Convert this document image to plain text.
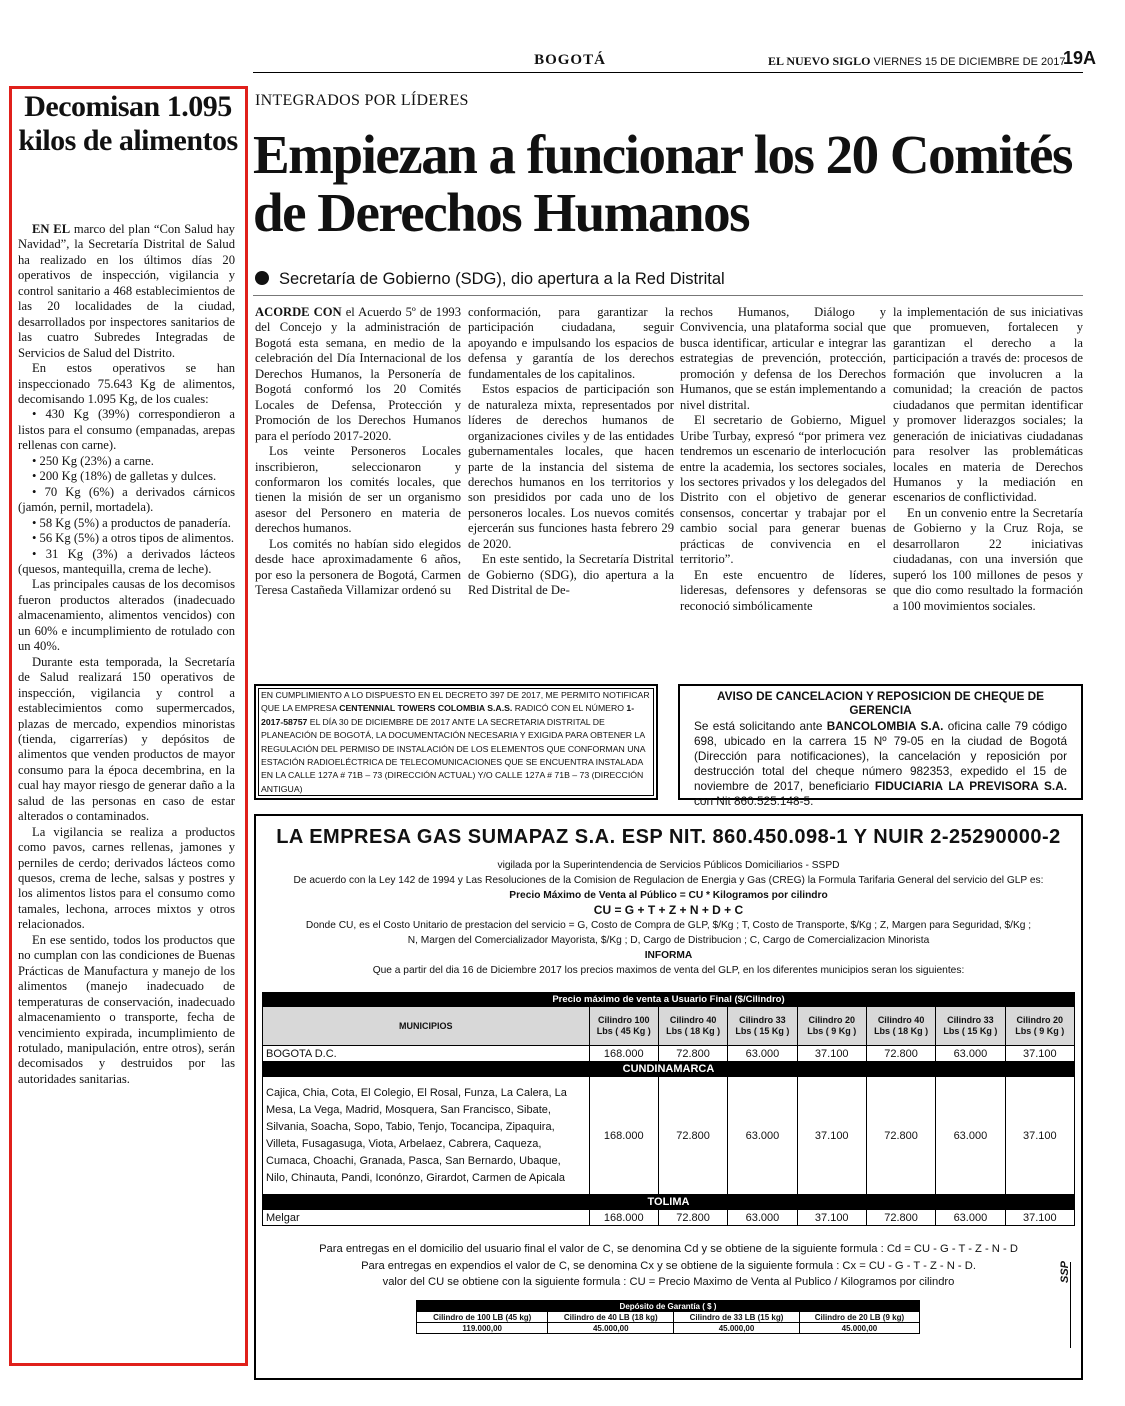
BOGOTÁ	EL NUEVO SIGLO VIERNES 15 DE DICIEMBRE DE 2017
19A
Decomisan 1.095 kilos de alimentos

EN EL marco del plan “Con Salud hay Navidad”, la Secretaría Distrital de Salud ha realizado en los últimos días 20 operativos de inspección, vigilancia y control sanitario a 468 establecimientos de las 20 localidades de la ciudad, desarrollados por inspectores sanitarios de las cuatro Subredes Integradas de Servicios de Salud del Distrito.

En estos operativos se han inspeccionado 75.643 Kg de alimentos, decomisando 1.095 Kg, de los cuales:

• 430 Kg (39%) correspondieron a listos para el consumo (empanadas, arepas rellenas con carne).

• 250 Kg (23%) a carne.

• 200 Kg (18%) de galletas y dulces.

• 70 Kg (6%) a derivados cárnicos (jamón, pernil, mortadela).

• 58 Kg (5%) a productos de panadería.

• 56 Kg (5%) a otros tipos de alimentos.

• 31 Kg (3%) a derivados lácteos (quesos, mantequilla, crema de leche).

Las principales causas de los decomisos fueron productos alterados (inadecuado almacenamiento, alimentos vencidos) con un 60% e incumplimiento de rotulado con un 40%.

Durante esta temporada, la Secretaría de Salud realizará 150 operativos de inspección, vigilancia y control a establecimientos como supermercados, plazas de mercado, expendios minoristas (tienda, cigarrerías) y depósitos de alimentos que venden productos de mayor consumo para la época decembrina, en la cual hay mayor riesgo de generar daño a la salud de las personas en caso de estar alterados o contaminados.

La vigilancia se realiza a productos como pavos, carnes rellenas, jamones y perniles de cerdo; derivados lácteos como quesos, crema de leche, salsas y postres y los alimentos listos para el consumo como tamales, lechona, arroces mixtos y otros relacionados.

En ese sentido, todos los productos que no cumplan con las condiciones de Buenas Prácticas de Manufactura y manejo de los alimentos (manejo inadecuado de temperaturas de conservación, inadecuado almacenamiento o transporte, fecha de vencimiento expirada, incumplimiento de rotulado, manipulación, entre otros), serán decomisados y destruidos por las autoridades sanitarias.

INTEGRADOS POR LÍDERES
Empiezan a funcionar los 20 Comités de Derechos Humanos
Secretaría de Gobierno (SDG), dio apertura a la Red Distrital

ACORDE CON el Acuerdo 5º de 1993 del Concejo y la administración de Bogotá esta semana, en medio de la celebración del Día Internacional de los Derechos Humanos, la Personería de Bogotá conformó los 20 Comités Locales de Defensa, Protección y Promoción de los Derechos Humanos para el período 2017-2020.

Los veinte Personeros Locales inscribieron, seleccionaron y conformaron los comités locales, que tienen la misión de ser un organismo asesor del Personero en materia de derechos humanos.

Los comités no habían sido elegidos desde hace aproximadamente 6 años, por eso la personera de Bogotá, Carmen Teresa Castañeda Villamizar ordenó su

conformación, para garantizar la participación ciudadana, seguir apoyando e impulsando los espacios de defensa y garantía de los derechos fundamentales de los capitalinos.

Estos espacios de participación son de naturaleza mixta, representados por líderes de derechos humanos de organizaciones civiles y de las entidades gubernamentales locales, que hacen parte de la instancia del sistema de derechos humanos en los territorios y son presididos por cada uno de los personeros locales. Los nuevos comités ejercerán sus funciones hasta febrero 29 de 2020.

En este sentido, la Secretaría Distrital de Gobierno (SDG), dio apertura a la Red Distrital de De-

rechos Humanos, Diálogo y Convivencia, una plataforma social que busca identificar, articular e integrar las estrategias de prevención, protección, promoción y defensa de los Derechos Humanos, que se están implementando a nivel distrital.

El secretario de Gobierno, Miguel Uribe Turbay, expresó “por primera vez tendremos un escenario de interlocución entre la academia, los sectores sociales, los sectores privados y los delegados del Distrito con el objetivo de generar consensos, concertar y trabajar por el cambio social para generar buenas prácticas de convivencia en el territorio”.

En este encuentro de líderes, lideresas, defensores y defensoras se reconoció simbólicamente

la implementación de sus iniciativas que promueven, fortalecen y garantizan el derecho a la participación a través de: procesos de formación que involucren a la comunidad; la creación de pactos ciudadanos que permitan identificar y promover liderazgos sociales; la generación de iniciativas ciudadanas para resolver las problemáticas locales en materia de Derechos Humanos y la mediación en escenarios de conflictividad.

En un convenio entre la Secretaría de Gobierno y la Cruz Roja, se desarrollaron 22 iniciativas ciudadanas, con una inversión que superó los 100 millones de pesos y que dio como resultado la formación a 100 movimientos sociales.

EN CUMPLIMIENTO A LO DISPUESTO EN EL DECRETO 397 DE 2017, ME PERMITO NOTIFICAR QUE LA EMPRESA CENTENNIAL TOWERS COLOMBIA S.A.S. RADICÓ CON EL NÚMERO 1-2017-58757 EL DÍA 30 DE DICIEMBRE DE 2017 ANTE LA SECRETARIA DISTRITAL DE PLANEACIÓN DE BOGOTÁ, LA DOCUMENTACIÓN NECESARIA Y EXIGIDA PARA OBTENER LA REGULACIÓN DEL PERMISO DE INSTALACIÓN DE LOS ELEMENTOS QUE CONFORMAN UNA ESTACIÓN RADIOELÉCTRICA DE TELECOMUNICACIONES QUE SE ENCUENTRA INSTALADA EN LA CALLE 127A # 71B – 73 (DIRECCIÓN ACTUAL) Y/O CALLE 127A # 71B – 73 (DIRECCIÓN ANTIGUA)
AVISO DE CANCELACION Y REPOSICION DE CHEQUE DE GERENCIA
Se está solicitando ante BANCOLOMBIA S.A. oficina calle 79 código 698, ubicado en la carrera 15 Nº 79-05 en la ciudad de Bogotá (Dirección para notificaciones), la cancelación y reposición por destrucción total del cheque número 982353, expedido el 15 de noviembre de 2017, beneficiario FIDUCIARIA LA PREVISORA S.A. con Nit 860.525.148-5.
LA EMPRESA GAS SUMAPAZ S.A. ESP NIT. 860.450.098-1 Y NUIR 2-25290000-2
vigilada por la Superintendencia de Servicios Públicos Domiciliarios - SSPD
De acuerdo con la Ley 142 de 1994 y Las Resoluciones de la Comision de Regulacion de Energia y Gas (CREG) la Formula Tarifaria General del servicio del GLP es:
Precio Máximo de Venta al Público = CU * Kilogramos por cilindro
CU = G + T + Z + N + D + C
Donde CU, es el Costo Unitario de prestacion del servicio = G, Costo de Compra de GLP, $/Kg ; T, Costo de Transporte, $/Kg ; Z, Margen para Seguridad, $/Kg ;
N, Margen del Comercializador Mayorista, $/Kg ; D, Cargo de Distribucion ; C, Cargo de Comercializacion Minorista
INFORMA
Que a partir del dia 16 de Diciembre 2017 los precios maximos de venta del GLP, en los diferentes municipios seran los siguientes:
Precio máximo de venta a Usuario Final ($/Cilindro)							
MUNICIPIOS	Cilindro 100 Lbs ( 45 Kg )	Cilindro 40 Lbs ( 18 Kg )	Cilindro 33 Lbs ( 15 Kg )	Cilindro 20 Lbs ( 9 Kg )	Cilindro 40 Lbs ( 18 Kg )	Cilindro 33 Lbs ( 15 Kg )	Cilindro 20 Lbs ( 9 Kg )
BOGOTA D.C.	168.000	72.800	63.000	37.100	72.800	63.000	37.100
CUNDINAMARCA							
Cajica, Chia, Cota, El Colegio, El Rosal, Funza, La Calera, La Mesa, La Vega, Madrid, Mosquera, San Francisco, Sibate, Silvania, Soacha, Sopo, Tabio, Tenjo, Tocancipa, Zipaquira, Villeta, Fusagasuga, Viota, Arbelaez, Cabrera, Caqueza, Cumaca, Choachi, Granada, Pasca, San Bernardo, Ubaque, Nilo, Chinauta, Pandi, Iconónzo, Girardot, Carmen de Apicala	168.000	72.800	63.000	37.100	72.800	63.000	37.100
TOLIMA							
Melgar	168.000	72.800	63.000	37.100	72.800	63.000	37.100
Para entregas en el domicilio del usuario final el valor de C, se denomina Cd y se obtiene de la siguiente formula : Cd = CU - G - T - Z - N - D
Para entregas en expendios el valor de C, se denomina Cx y se obtiene de la siguiente formula : Cx = CU - G - T - Z - N - D.
valor del CU se obtiene con la siguiente formula : CU = Precio Maximo de Venta al Publico / Kilogramos por cilindro
Depósito de Garantía ( $ )			
Cilindro de 100 LB (45 kg)	Cilindro de 40 LB (18 kg)	Cilindro de 33 LB (15 kg)	Cilindro de 20 LB (9 kg)
119.000,00	45.000,00	45.000,00	45.000,00
SSP
